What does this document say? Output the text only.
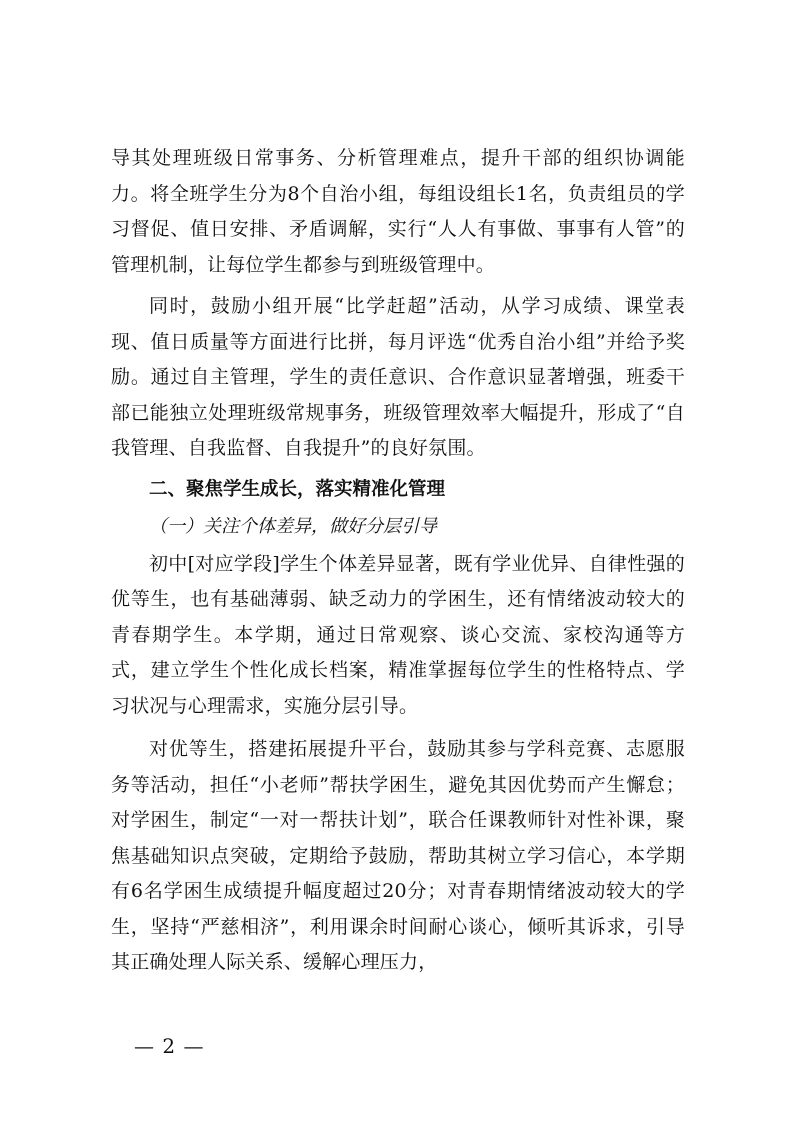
导其处理班级日常事务、分析管理难点，提升干部的组织协调能力。将全班学生分为8个自治小组，每组设组长1名，负责组员的学习督促、值日安排、矛盾调解，实行“人人有事做、事事有人管”的管理机制，让每位学生都参与到班级管理中。

同时，鼓励小组开展“比学赶超”活动，从学习成绩、课堂表现、值日质量等方面进行比拼，每月评选“优秀自治小组”并给予奖励。通过自主管理，学生的责任意识、合作意识显著增强，班委干部已能独立处理班级常规事务，班级管理效率大幅提升，形成了“自我管理、自我监督、自我提升”的良好氛围。

二、聚焦学生成长，落实精准化管理

（一）关注个体差异，做好分层引导

初中[对应学段]学生个体差异显著，既有学业优异、自律性强的优等生，也有基础薄弱、缺乏动力的学困生，还有情绪波动较大的青春期学生。本学期，通过日常观察、谈心交流、家校沟通等方式，建立学生个性化成长档案，精准掌握每位学生的性格特点、学习状况与心理需求，实施分层引导。

对优等生，搭建拓展提升平台，鼓励其参与学科竞赛、志愿服务等活动，担任“小老师”帮扶学困生，避免其因优势而产生懈怠；对学困生，制定“一对一帮扶计划”，联合任课教师针对性补课，聚焦基础知识点突破，定期给予鼓励，帮助其树立学习信心，本学期有6名学困生成绩提升幅度超过20分；对青春期情绪波动较大的学生，坚持“严慈相济”，利用课余时间耐心谈心，倾听其诉求，引导其正确处理人际关系、缓解心理压力，

— 2 —
